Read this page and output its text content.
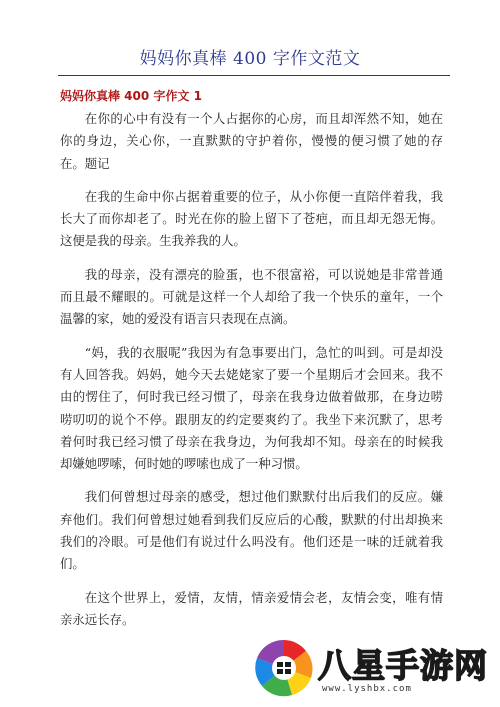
妈妈你真棒 400 字作文范文
妈妈你真棒 400 字作文 1

在你的心中有没有一个人占据你的心房，而且却浑然不知，她在你的身边，关心你，一直默默的守护着你，慢慢的便习惯了她的存在。题记

在我的生命中你占据着重要的位子，从小你便一直陪伴着我，我长大了而你却老了。时光在你的脸上留下了苍疤，而且却无怨无悔。这便是我的母亲。生我养我的人。

我的母亲，没有漂亮的脸蛋，也不很富裕，可以说她是非常普通而且最不耀眼的。可就是这样一个人却给了我一个快乐的童年，一个温馨的家，她的爱没有语言只表现在点滴。

“妈，我的衣服呢”我因为有急事要出门，急忙的叫到。可是却没有人回答我。妈妈，她今天去姥姥家了要一个星期后才会回来。我不由的愣住了，何时我已经习惯了，母亲在我身边做着做那，在身边唠唠叨叨的说个不停。跟朋友的约定要爽约了。我坐下来沉默了，思考着何时我已经习惯了母亲在我身边，为何我却不知。母亲在的时候我却嫌她啰嗦，何时她的啰嗦也成了一种习惯。

我们何曾想过母亲的感受，想过他们默默付出后我们的反应。嫌弃他们。我们何曾想过她看到我们反应后的心酸，默默的付出却换来我们的冷眼。可是他们有说过什么吗没有。他们还是一味的迁就着我们。

在这个世界上，爱情，友情，情亲爱情会老，友情会变，唯有情亲永远长存。

八星手游网
www.lyshbx.com
